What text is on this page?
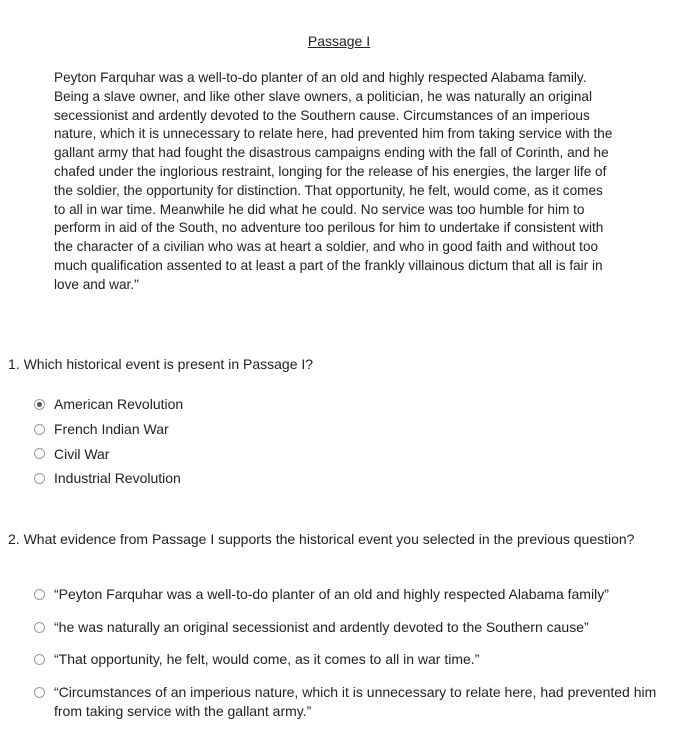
Passage I

Peyton Farquhar was a well-to-do planter of an old and highly respected Alabama family. Being a slave owner, and like other slave owners, a politician, he was naturally an original secessionist and ardently devoted to the Southern cause. Circumstances of an imperious nature, which it is unnecessary to relate here, had prevented him from taking service with the gallant army that had fought the disastrous campaigns ending with the fall of Corinth, and he chafed under the inglorious restraint, longing for the release of his energies, the larger life of the soldier, the opportunity for distinction. That opportunity, he felt, would come, as it comes to all in war time. Meanwhile he did what he could. No service was too humble for him to perform in aid of the South, no adventure too perilous for him to undertake if consistent with the character of a civilian who was at heart a soldier, and who in good faith and without too much qualification assented to at least a part of the frankly villainous dictum that all is fair in love and war."

1. Which historical event is present in Passage I?

American Revolution
French Indian War
Civil War
Industrial Revolution

2. What evidence from Passage I supports the historical event you selected in the previous question?

“Peyton Farquhar was a well-to-do planter of an old and highly respected Alabama family”
“he was naturally an original secessionist and ardently devoted to the Southern cause”
“That opportunity, he felt, would come, as it comes to all in war time.”
“Circumstances of an imperious nature, which it is unnecessary to relate here, had prevented him from taking service with the gallant army.”
